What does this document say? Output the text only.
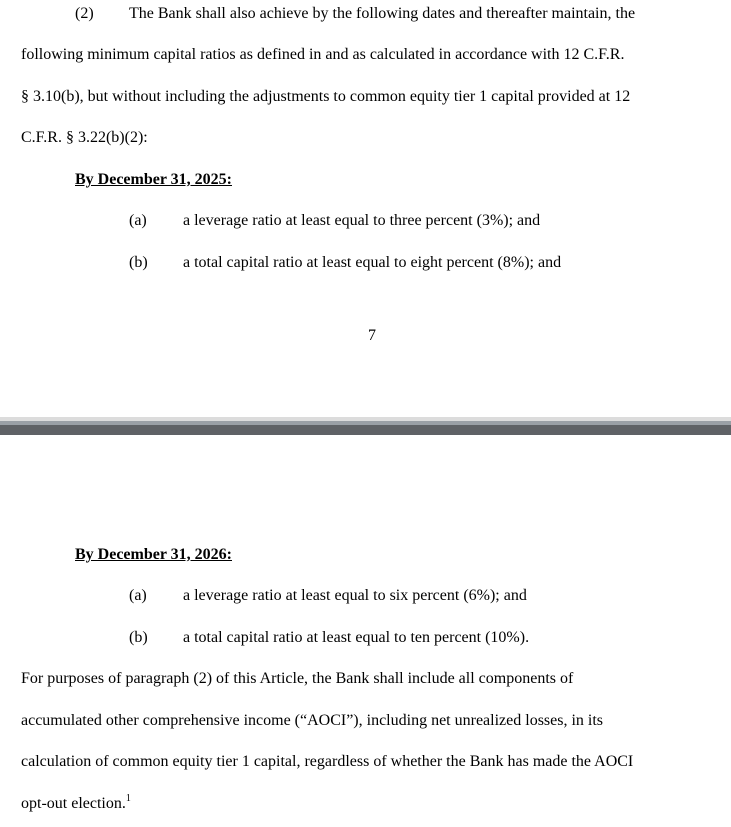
(2) The Bank shall also achieve by the following dates and thereafter maintain, the
following minimum capital ratios as defined in and as calculated in accordance with 12 C.F.R.
§ 3.10(b), but without including the adjustments to common equity tier 1 capital provided at 12
C.F.R. § 3.22(b)(2):
By December 31, 2025:
(a) a leverage ratio at least equal to three percent (3%); and
(b) a total capital ratio at least equal to eight percent (8%); and
7
By December 31, 2026:
(a) a leverage ratio at least equal to six percent (6%); and
(b) a total capital ratio at least equal to ten percent (10%).
For purposes of paragraph (2) of this Article, the Bank shall include all components of
accumulated other comprehensive income (“AOCI”), including net unrealized losses, in its
calculation of common equity tier 1 capital, regardless of whether the Bank has made the AOCI
opt-out election.$^1$
